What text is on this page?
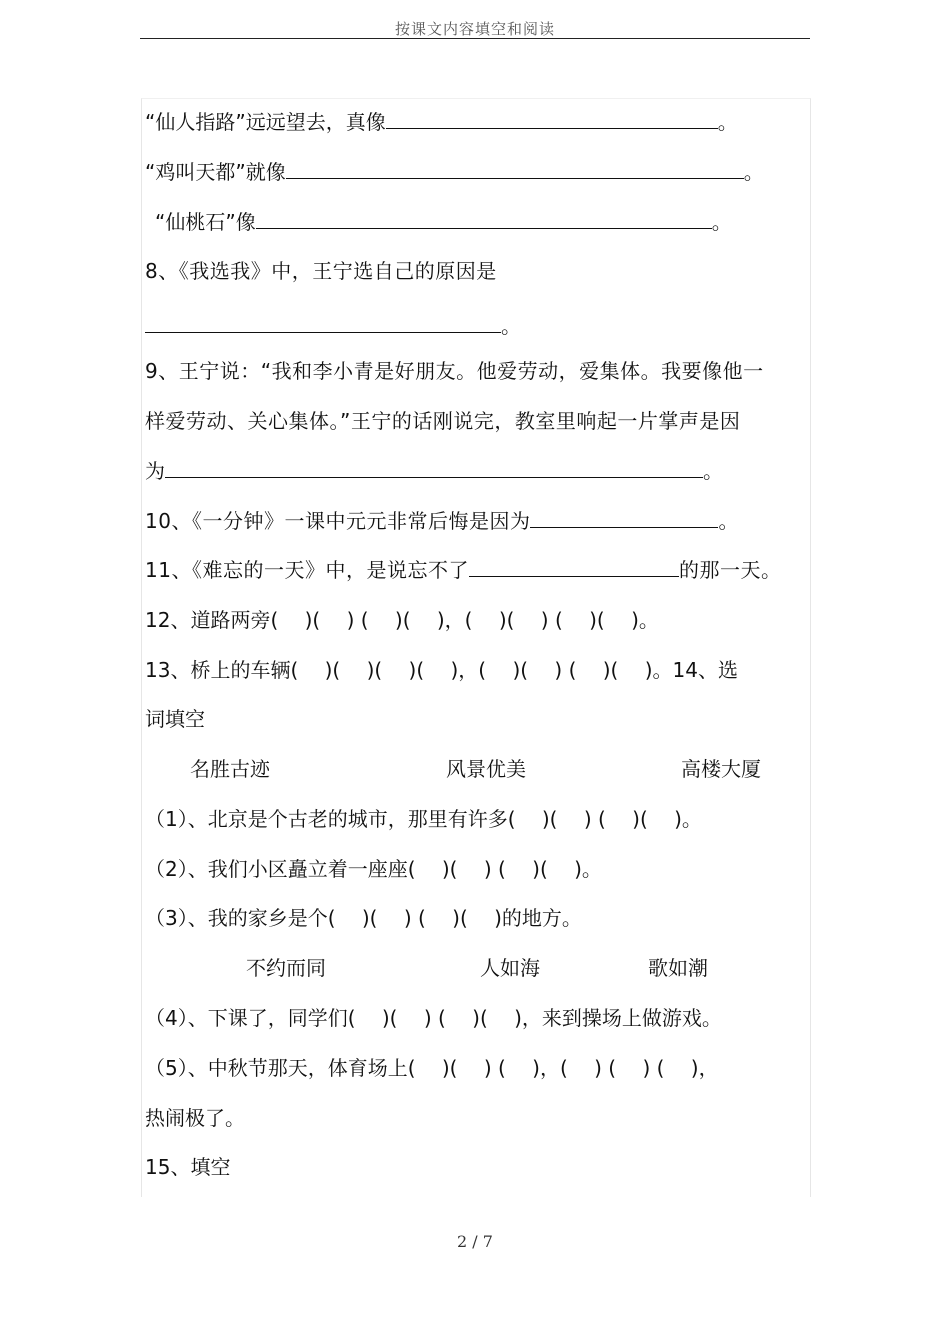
按课文内容填空和阅读
“仙人指路”远远望去，真像	。
“鸡叫天都”就像	。
“仙桃石”像	。
8、《我选我》中，王宁选自己的原因是
。
9、王宁说：“我和李小青是好朋友。他爱劳动，爱集体。我要像他一
样爱劳动、关心集体。”王宁的话刚说完，教室里响起一片掌声是因
为	。
10、《一分钟》一课中元元非常后悔是因为	。
11、《难忘的一天》中，是说忘不了	的那一天。
12、道路两旁(　 )(　 ) (　 )(　 )，(　 )(　 ) (　 )(　 )。
13、桥上的车辆(　 )(　 )(　 )(　 )，(　 )(　 ) (　 )(　 )。14、选
词填空
名胜古迹	风景优美	高楼大厦
（1）、北京是个古老的城市，那里有许多(　 )(　 ) (　 )(　 )。
（2）、我们小区矗立着一座座(　 )(　 ) (　 )(　 )。
（3）、我的家乡是个(　 )(　 ) (　 )(　 )的地方。
不约而同	人如海	歌如潮
（4）、下课了，同学们(　 )(　 ) (　 )(　 )，来到操场上做游戏。
（5）、中秋节那天，体育场上(　 )(　 ) (　 )，(　 ) (　 ) (　 )，
热闹极了。
15、填空
2 / 7
